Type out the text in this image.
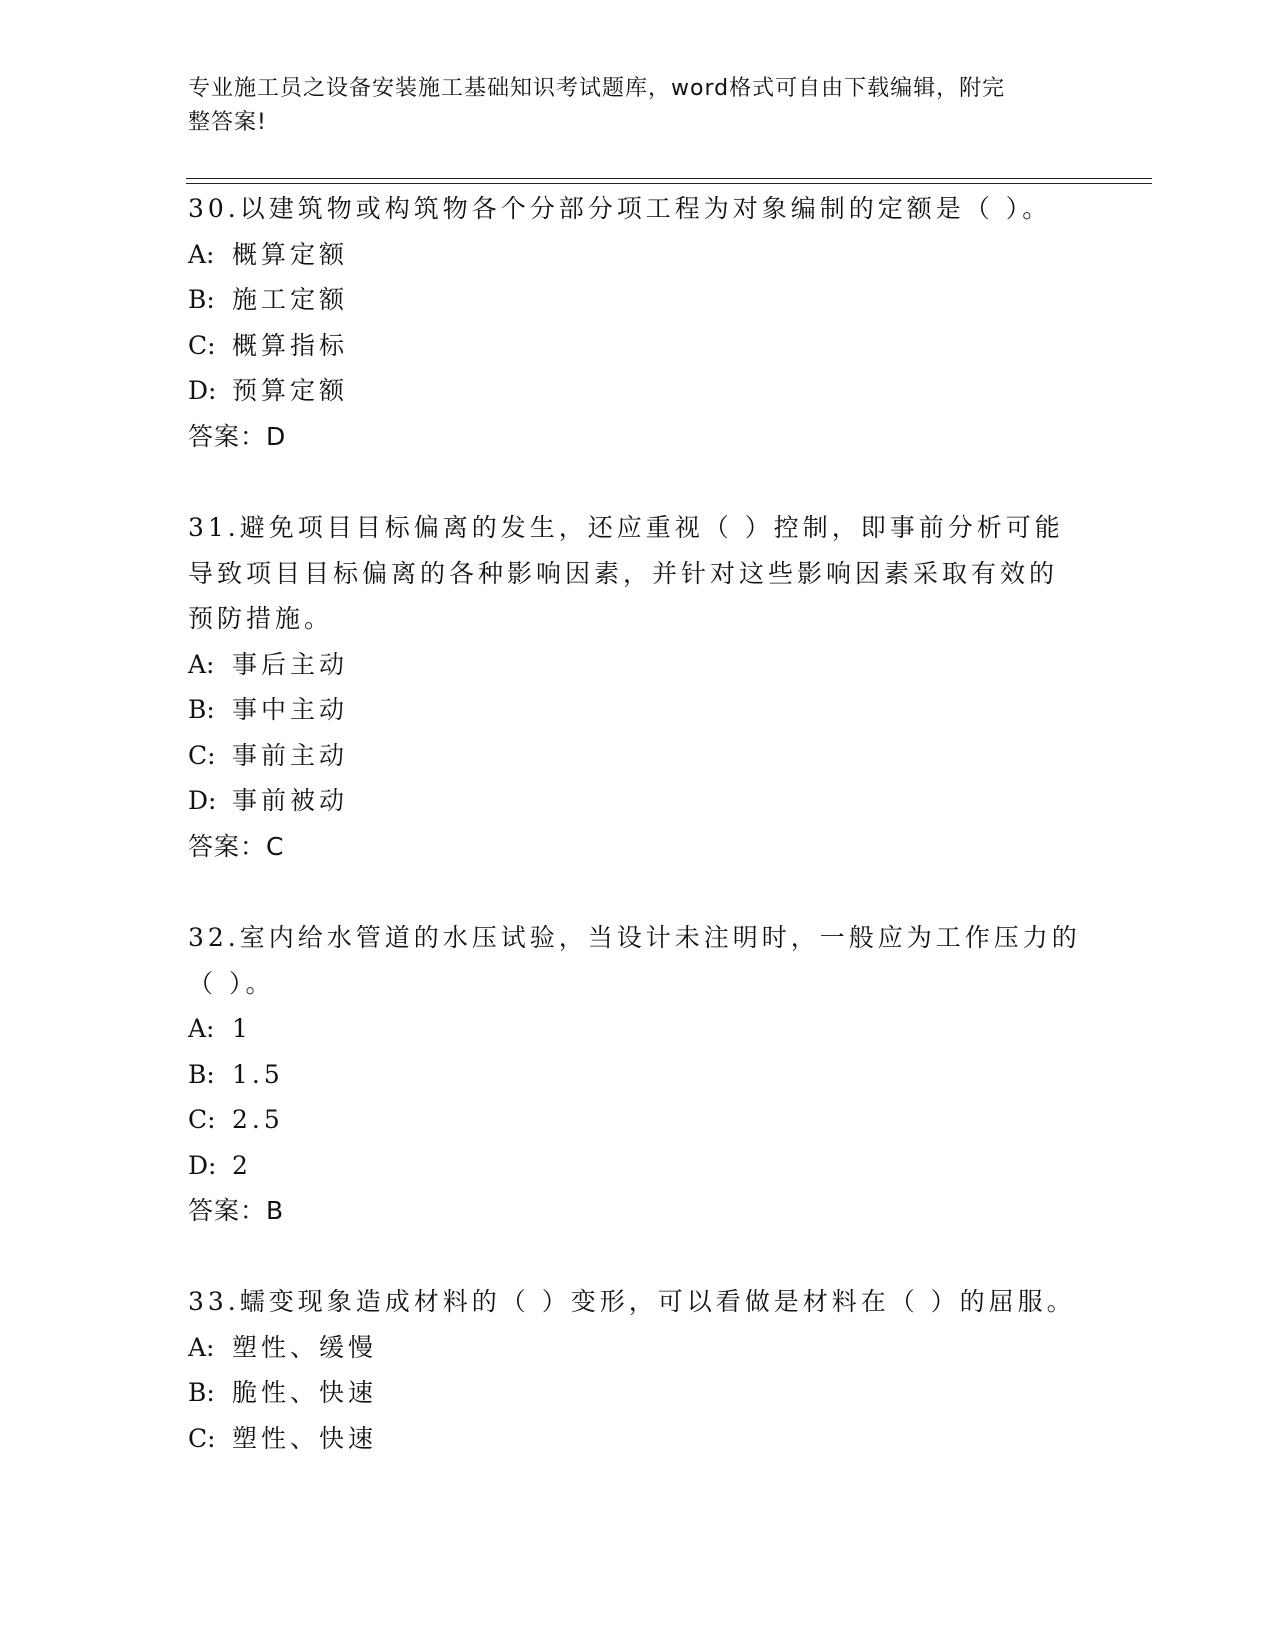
专业施工员之设备安装施工基础知识考试题库，word格式可自由下载编辑，附完
整答案!

30.以建筑物或构筑物各个分部分项工程为对象编制的定额是（ ）。

A: 概算定额

B: 施工定额

C: 概算指标

D: 预算定额

答案：D

31.避免项目目标偏离的发生，还应重视（ ）控制，即事前分析可能
导致项目目标偏离的各种影响因素，并针对这些影响因素采取有效的
预防措施。

A: 事后主动

B: 事中主动

C: 事前主动

D: 事前被动

答案：C

32.室内给水管道的水压试验，当设计未注明时，一般应为工作压力的
（ ）。

A: 1

B: 1.5

C: 2.5

D: 2

答案：B

33.蠕变现象造成材料的（ ）变形，可以看做是材料在（ ）的屈服。

A: 塑性、缓慢

B: 脆性、快速

C: 塑性、快速
